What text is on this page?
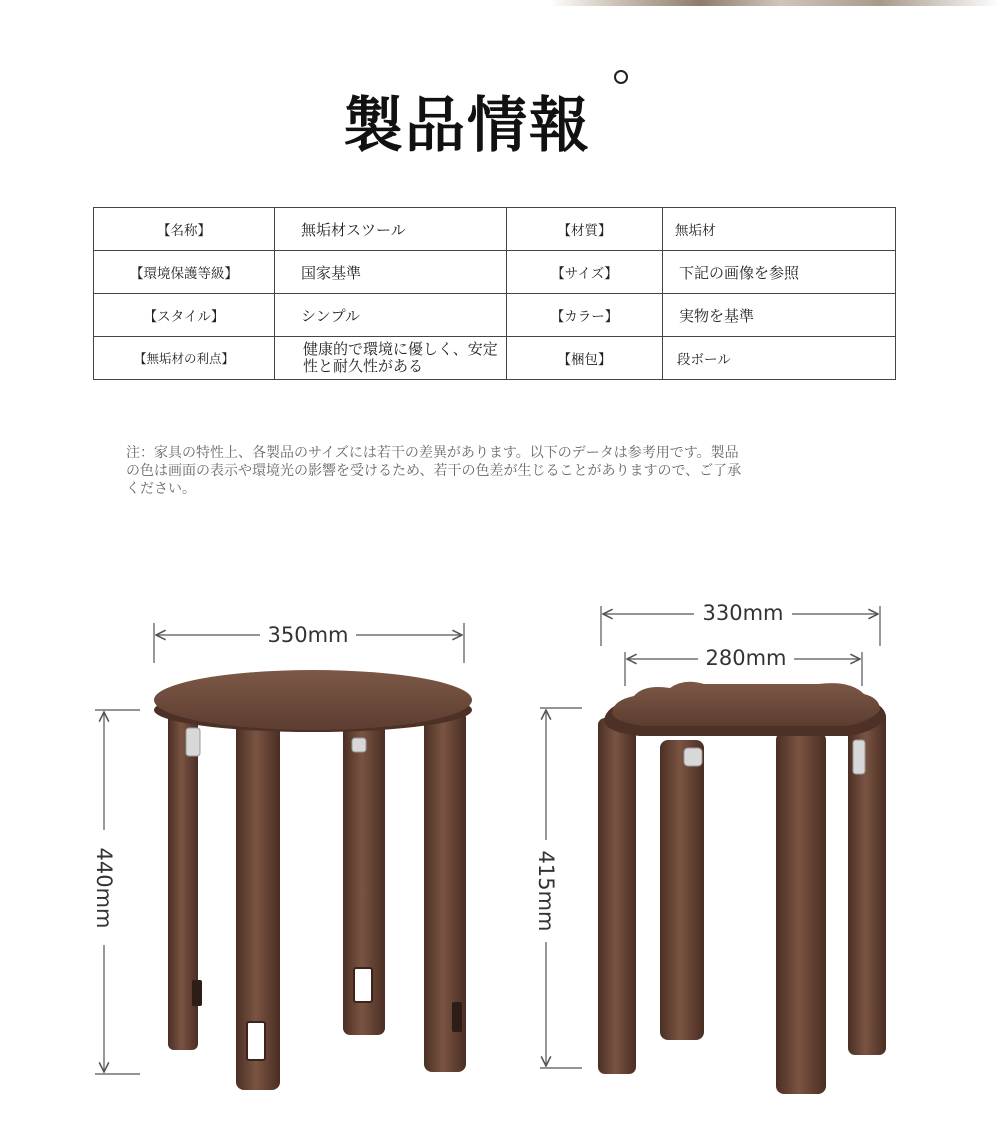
製品情報
【名称】	無垢材スツール	【材質】	無垢材
【環境保護等級】	国家基準	【サイズ】	下記の画像を参照
【スタイル】	シンプル	【カラー】	実物を基準
【無垢材の利点】	健康的で環境に優しく、安定性と耐久性がある	【梱包】	段ボール
注：家具の特性上、各製品のサイズには若干の差異があります。以下のデータは参考用です。製品の色は画面の表示や環境光の影響を受けるため、若干の色差が生じることがありますので、ご了承ください。
350mm
440mm
330mm
280mm
415mm
